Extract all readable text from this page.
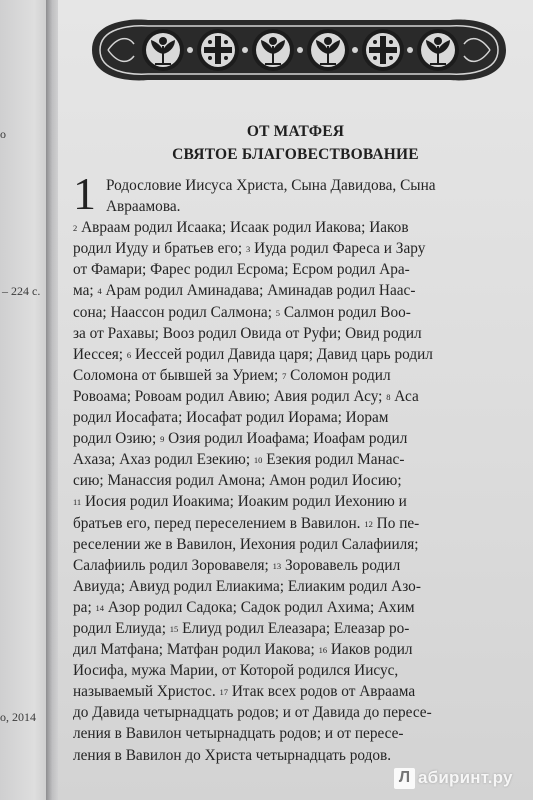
о
– 224 с.
о, 2014
ОТ МАТФЕЯ
СВЯТОЕ БЛАГОВЕСТВОВАНИЕ
1 Родословие Иисуса Христа, Сына Давидова, Сына
Авраамова.
$^2$ Авраам родил Исаака; Исаак родил Иакова; Иаков
родил Иуду и братьев его; $^3$ Иуда родил Фареса и Зару
от Фамари; Фарес родил Есрома; Есром родил Ара-
ма; $^4$ Арам родил Аминадава; Аминадав родил Наас-
сона; Наассон родил Салмона; $^5$ Салмон родил Воо-
за от Рахавы; Вооз родил Овида от Руфи; Овид родил
Иессея; $^6$ Иессей родил Давида царя; Давид царь родил
Соломона от бывшей за Урием; $^7$ Соломон родил
Ровоама; Ровоам родил Авию; Авия родил Асу; $^8$ Аса
родил Иосафата; Иосафат родил Иорама; Иорам
родил Озию; $^9$ Озия родил Иоафама; Иоафам родил
Ахаза; Ахаз родил Езекию; $^{10}$ Езекия родил Манас-
сию; Манассия родил Амона; Амон родил Иосию;
$^{11}$ Иосия родил Иоакима; Иоаким родил Иехонию и
братьев его, перед переселением в Вавилон. $^{12}$ По пе-
реселении же в Вавилон, Иехония родил Салафииля;
Салафииль родил Зоровавеля; $^{13}$ Зоровавель родил
Авиуда; Авиуд родил Елиакима; Елиаким родил Азо-
ра; $^{14}$ Азор родил Садока; Садок родил Ахима; Ахим
родил Елиуда; $^{15}$ Елиуд родил Елеазара; Елеазар ро-
дил Матфана; Матфан родил Иакова; $^{16}$ Иаков родил
Иосифа, мужа Марии, от Которой родился Иисус,
называемый Христос. $^{17}$ Итак всех родов от Авраама
до Давида четырнадцать родов; и от Давида до пересе-
ления в Вавилон четырнадцать родов; и от пересе-
ления в Вавилон до Христа четырнадцать родов.
Л абиринт.ру
